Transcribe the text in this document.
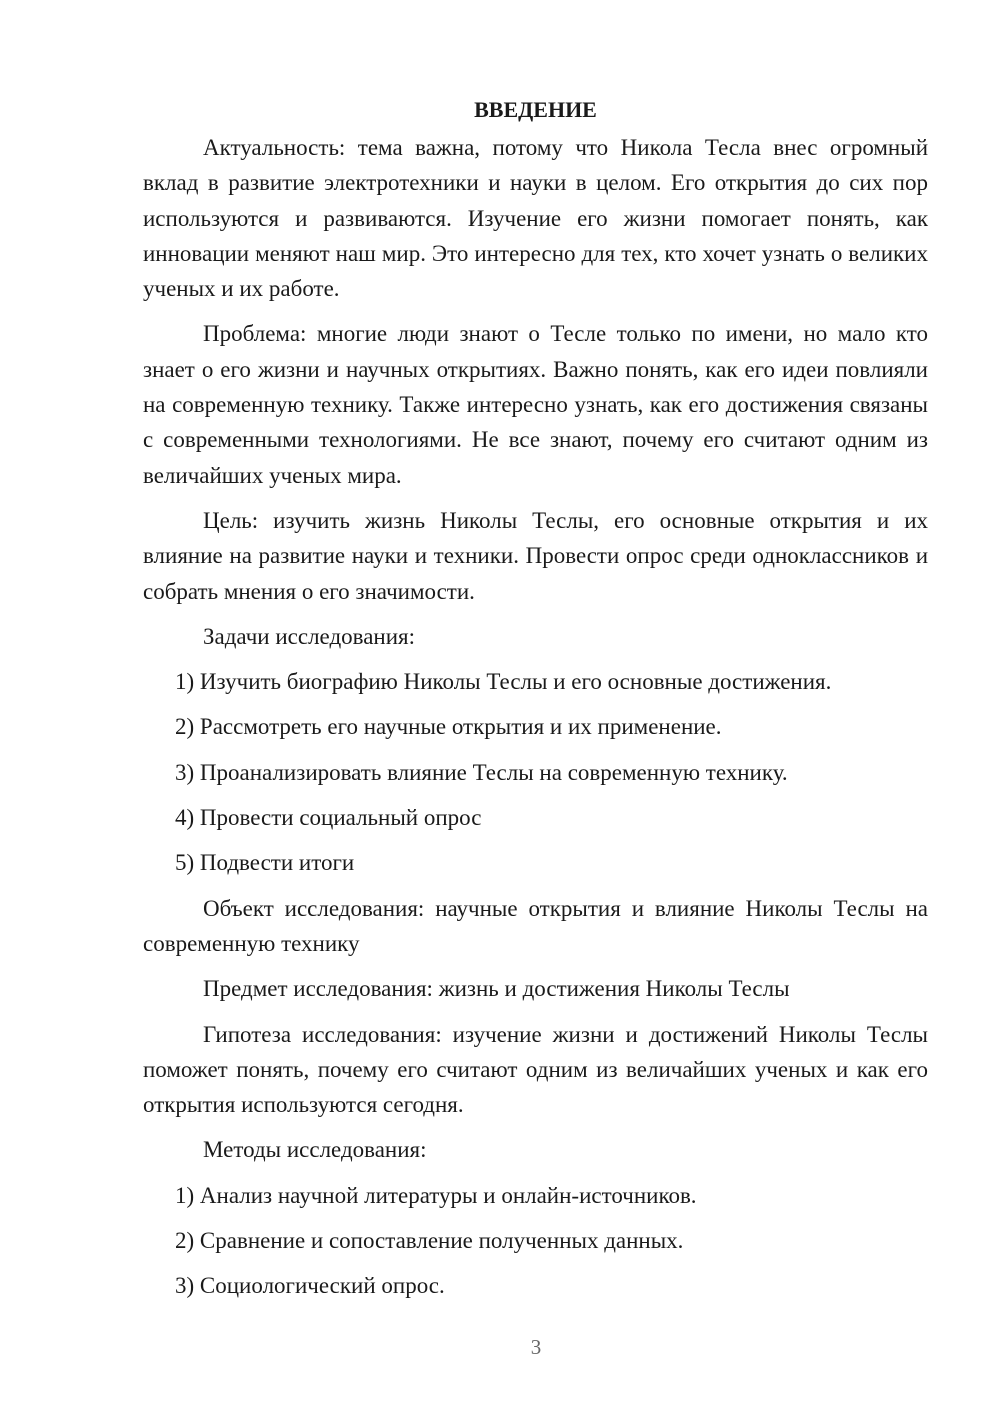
ВВЕДЕНИЕ

Актуальность: тема важна, потому что Никола Тесла внес огромный вклад в развитие электротехники и науки в целом. Его открытия до сих пор используются и развиваются. Изучение его жизни помогает понять, как инновации меняют наш мир. Это интересно для тех, кто хочет узнать о великих ученых и их работе.

Проблема: многие люди знают о Тесле только по имени, но мало кто знает о его жизни и научных открытиях. Важно понять, как его идеи повлияли на современную технику. Также интересно узнать, как его достижения связаны с современными технологиями. Не все знают, почему его считают одним из величайших ученых мира.

Цель: изучить жизнь Николы Теслы, его основные открытия и их влияние на развитие науки и техники. Провести опрос среди одноклассников и собрать мнения о его значимости.

Задачи исследования:

1) Изучить биографию Николы Теслы и его основные достижения.
2) Рассмотреть его научные открытия и их применение.
3) Проанализировать влияние Теслы на современную технику.
4) Провести социальный опрос
5) Подвести итоги

Объект исследования: научные открытия и влияние Николы Теслы на современную технику

Предмет исследования: жизнь и достижения Николы Теслы

Гипотеза исследования: изучение жизни и достижений Николы Теслы поможет понять, почему его считают одним из величайших ученых и как его открытия используются сегодня.

Методы исследования:

1) Анализ научной литературы и онлайн-источников.
2) Сравнение и сопоставление полученных данных.
3) Социологический опрос.
3
